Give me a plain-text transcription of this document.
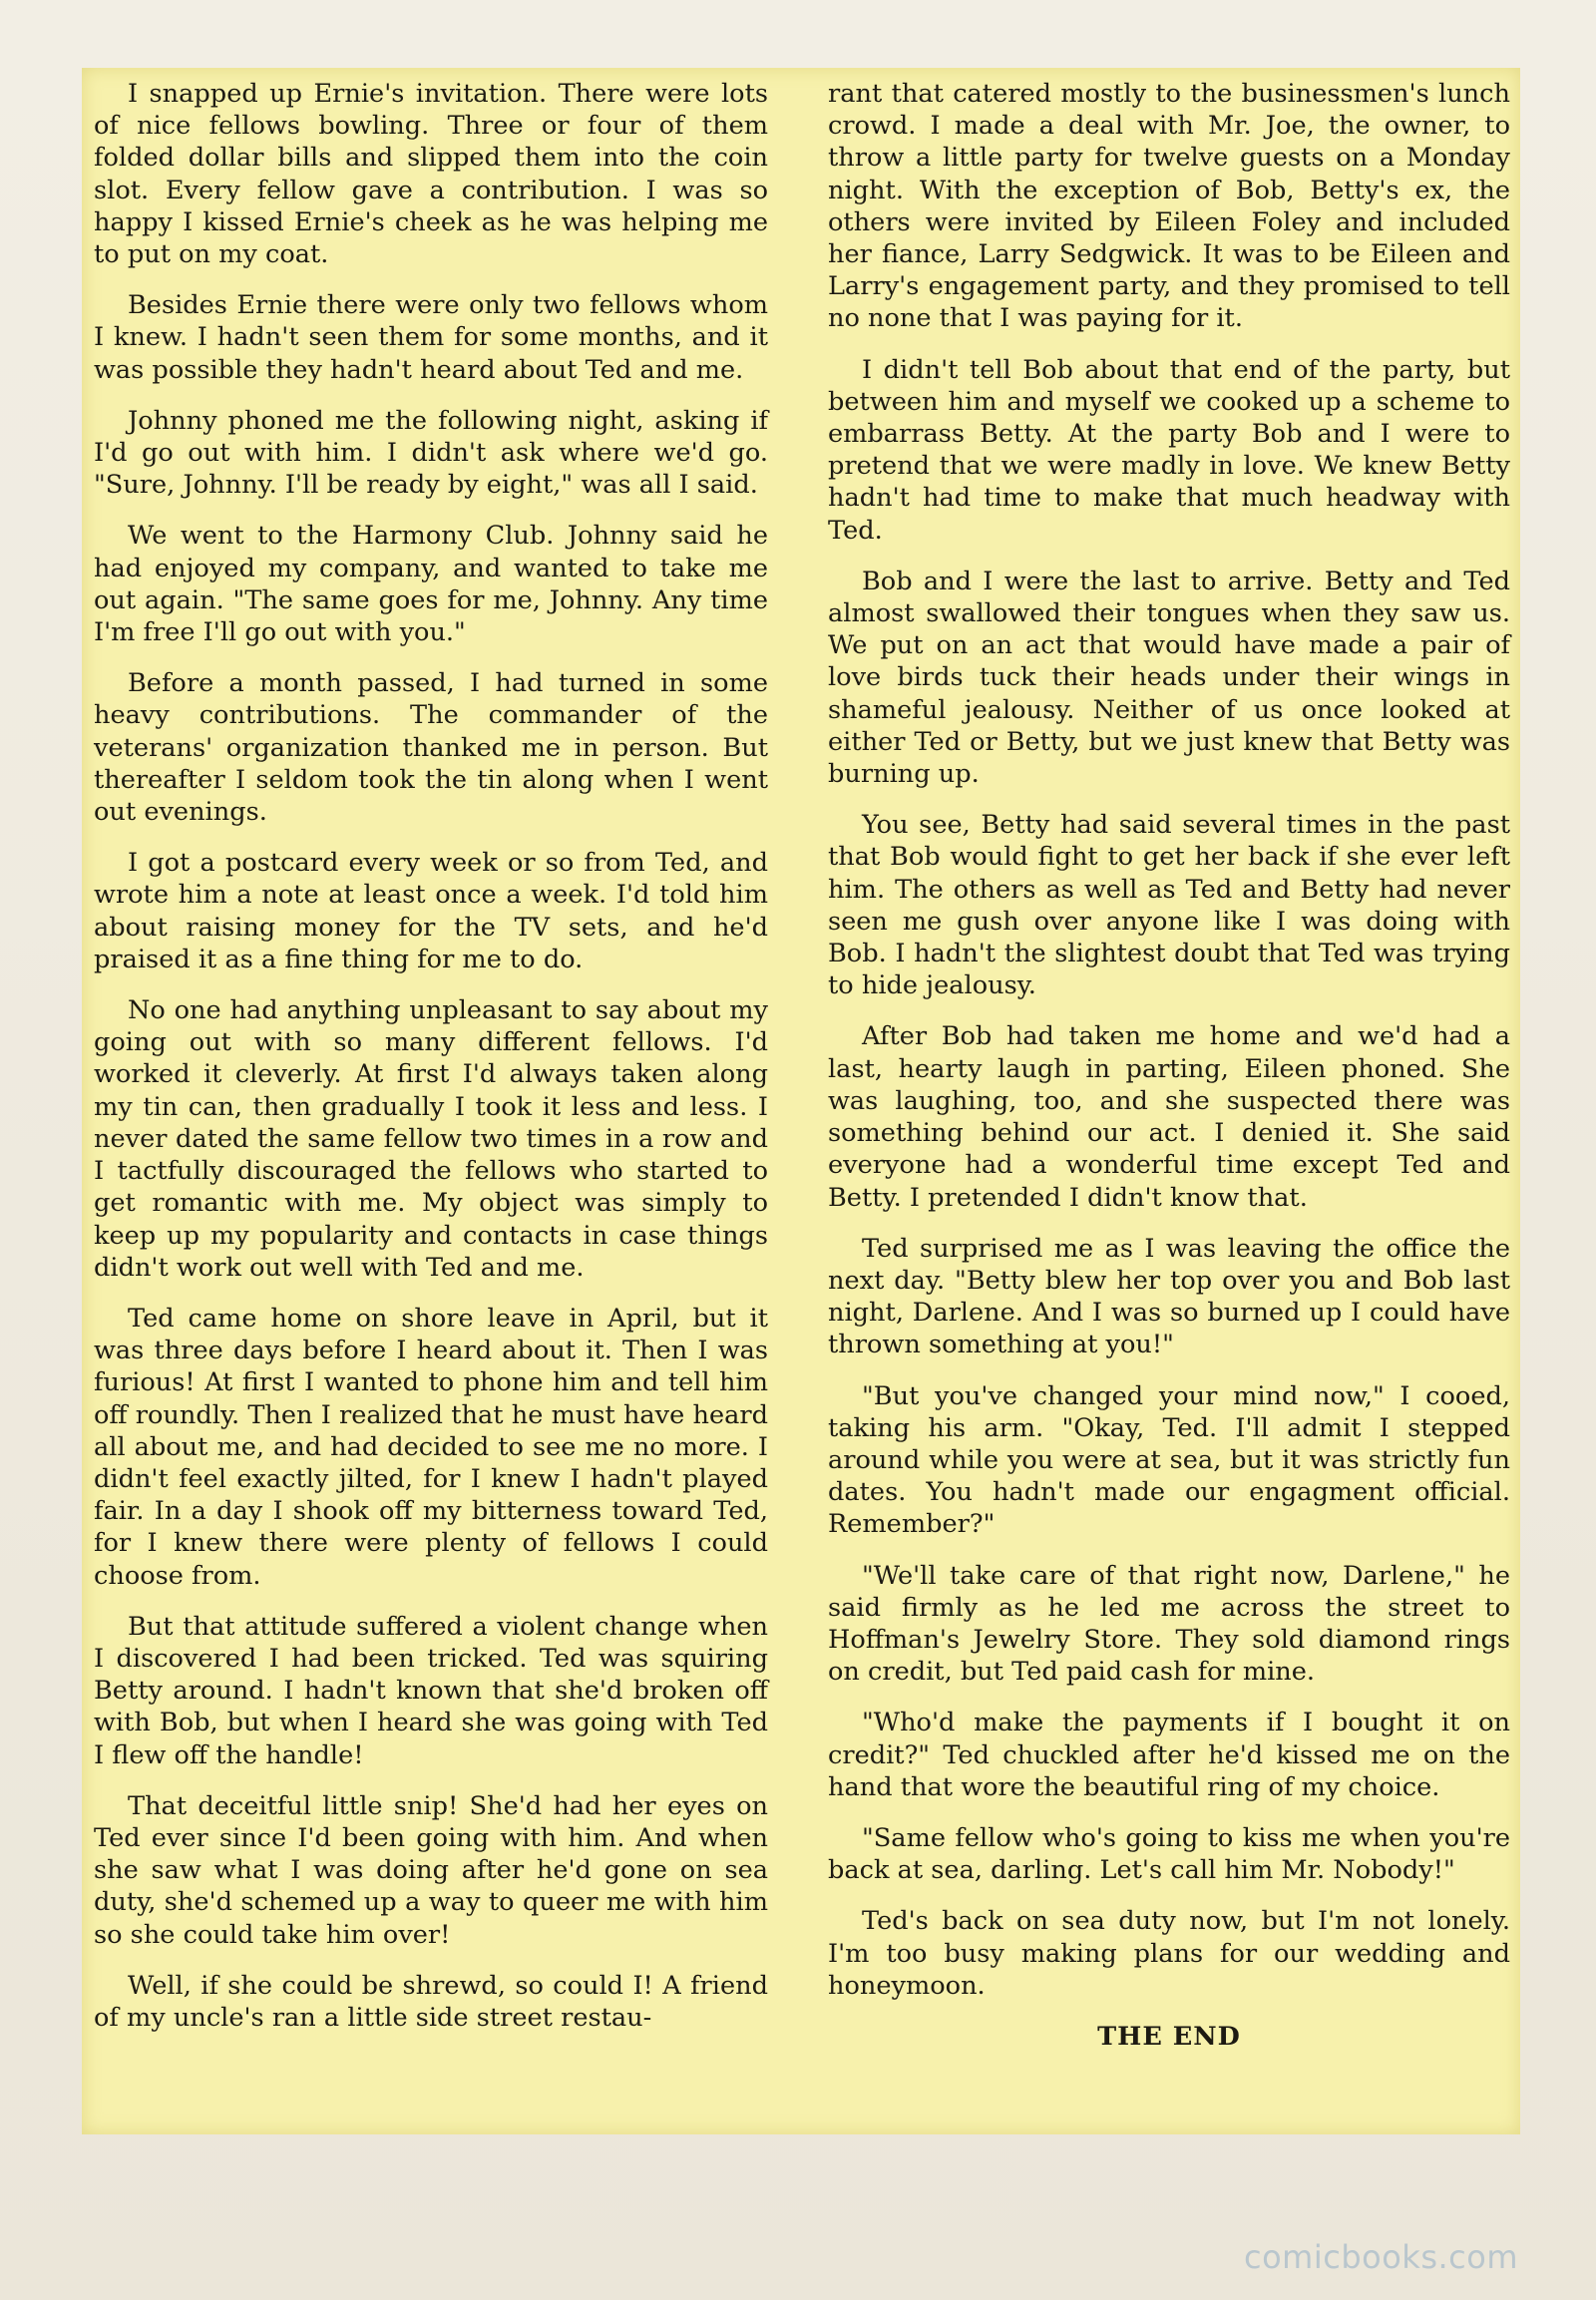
I snapped up Ernie's invitation. There were lots of nice fellows bowling. Three or four of them folded dollar bills and slipped them into the coin slot. Every fellow gave a contribution. I was so happy I kissed Ernie's cheek as he was helping me to put on my coat.

Besides Ernie there were only two fellows whom I knew. I hadn't seen them for some months, and it was possible they hadn't heard about Ted and me.

Johnny phoned me the following night, asking if I'd go out with him. I didn't ask where we'd go. "Sure, Johnny. I'll be ready by eight," was all I said.

We went to the Harmony Club. Johnny said he had enjoyed my company, and wanted to take me out again. "The same goes for me, Johnny. Any time I'm free I'll go out with you."

Before a month passed, I had turned in some heavy contributions. The commander of the veterans' organization thanked me in person. But thereafter I seldom took the tin along when I went out evenings.

I got a postcard every week or so from Ted, and wrote him a note at least once a week. I'd told him about raising money for the TV sets, and he'd praised it as a fine thing for me to do.

No one had anything unpleasant to say about my going out with so many different fellows. I'd worked it cleverly. At first I'd always taken along my tin can, then gradually I took it less and less. I never dated the same fellow two times in a row and I tactfully discouraged the fellows who started to get romantic with me. My object was simply to keep up my popularity and contacts in case things didn't work out well with Ted and me.

Ted came home on shore leave in April, but it was three days before I heard about it. Then I was furious! At first I wanted to phone him and tell him off roundly. Then I realized that he must have heard all about me, and had decided to see me no more. I didn't feel exactly jilted, for I knew I hadn't played fair. In a day I shook off my bitterness toward Ted, for I knew there were plenty of fellows I could choose from.

But that attitude suffered a violent change when I discovered I had been tricked. Ted was squiring Betty around. I hadn't known that she'd broken off with Bob, but when I heard she was going with Ted I flew off the handle!

That deceitful little snip! She'd had her eyes on Ted ever since I'd been going with him. And when she saw what I was doing after he'd gone on sea duty, she'd schemed up a way to queer me with him so she could take him over!

Well, if she could be shrewd, so could I! A friend of my uncle's ran a little side street restau-

rant that catered mostly to the businessmen's lunch crowd. I made a deal with Mr. Joe, the owner, to throw a little party for twelve guests on a Monday night. With the exception of Bob, Betty's ex, the others were invited by Eileen Foley and included her fiance, Larry Sedgwick. It was to be Eileen and Larry's engagement party, and they promised to tell no none that I was paying for it.

I didn't tell Bob about that end of the party, but between him and myself we cooked up a scheme to embarrass Betty. At the party Bob and I were to pretend that we were madly in love. We knew Betty hadn't had time to make that much headway with Ted.

Bob and I were the last to arrive. Betty and Ted almost swallowed their tongues when they saw us. We put on an act that would have made a pair of love birds tuck their heads under their wings in shameful jealousy. Neither of us once looked at either Ted or Betty, but we just knew that Betty was burning up.

You see, Betty had said several times in the past that Bob would fight to get her back if she ever left him. The others as well as Ted and Betty had never seen me gush over anyone like I was doing with Bob. I hadn't the slightest doubt that Ted was trying to hide jealousy.

After Bob had taken me home and we'd had a last, hearty laugh in parting, Eileen phoned. She was laughing, too, and she suspected there was something behind our act. I denied it. She said everyone had a wonderful time except Ted and Betty. I pretended I didn't know that.

Ted surprised me as I was leaving the office the next day. "Betty blew her top over you and Bob last night, Darlene. And I was so burned up I could have thrown something at you!"

"But you've changed your mind now," I cooed, taking his arm. "Okay, Ted. I'll admit I stepped around while you were at sea, but it was strictly fun dates. You hadn't made our engagment official. Remember?"

"We'll take care of that right now, Darlene," he said firmly as he led me across the street to Hoffman's Jewelry Store. They sold diamond rings on credit, but Ted paid cash for mine.

"Who'd make the payments if I bought it on credit?" Ted chuckled after he'd kissed me on the hand that wore the beautiful ring of my choice.

"Same fellow who's going to kiss me when you're back at sea, darling. Let's call him Mr. Nobody!"

Ted's back on sea duty now, but I'm not lonely. I'm too busy making plans for our wedding and honeymoon.

THE END

comicbooks.com
